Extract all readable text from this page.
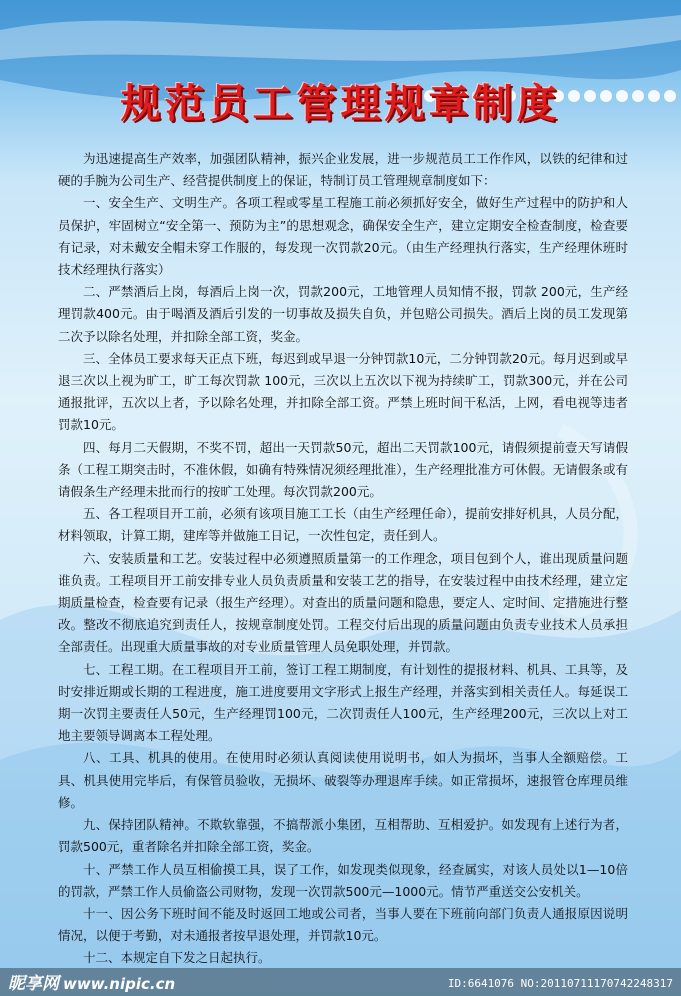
规范员工管理规章制度

为迅速提高生产效率，加强团队精神，振兴企业发展，进一步规范员工工作作风，以铁的纪律和过硬的手腕为公司生产、经营提供制度上的保证，特制订员工管理规章制度如下：

一、安全生产、文明生产。各项工程或零星工程施工前必须抓好安全，做好生产过程中的防护和人员保护，牢固树立“安全第一、预防为主”的思想观念，确保安全生产，建立定期安全检查制度，检查要有记录，对未戴安全帽未穿工作服的，每发现一次罚款20元。（由生产经理执行落实，生产经理休班时技术经理执行落实）

二、严禁酒后上岗，每酒后上岗一次，罚款200元，工地管理人员知情不报，罚款 200元，生产经理罚款400元。由于喝酒及酒后引发的一切事故及损失自负，并包赔公司损失。酒后上岗的员工发现第二次予以除名处理，并扣除全部工资，奖金。

三、全体员工要求每天正点下班，每迟到或早退一分钟罚款10元，二分钟罚款20元。每月迟到或早退三次以上视为旷工，旷工每次罚款 100元，三次以上五次以下视为持续旷工，罚款300元，并在公司通报批评，五次以上者，予以除名处理，并扣除全部工资。严禁上班时间干私活，上网，看电视等违者罚款10元。

四、每月二天假期，不奖不罚，超出一天罚款50元，超出二天罚款100元，请假须提前壹天写请假条（工程工期突击时，不准休假，如确有特殊情况须经理批准），生产经理批准方可休假。无请假条或有请假条生产经理未批而行的按旷工处理。每次罚款200元。

五、各工程项目开工前，必须有该项目施工工长（由生产经理任命），提前安排好机具，人员分配，材料领取，计算工期，建库等并做施工日记，一次性包定，责任到人。

六、安装质量和工艺。安装过程中必须遵照质量第一的工作理念，项目包到个人，谁出现质量问题谁负责。工程项目开工前安排专业人员负责质量和安装工艺的指导，在安装过程中由技术经理，建立定期质量检查，检查要有记录（报生产经理）。对查出的质量问题和隐患，要定人、定时间、定措施进行整改。整改不彻底追究到责任人，按规章制度处罚。工程交付后出现的质量问题由负责专业技术人员承担全部责任。出现重大质量事故的对专业质量管理人员免职处理，并罚款。

七、工程工期。在工程项目开工前，签订工程工期制度，有计划性的提报材料、机具、工具等，及时安排近期或长期的工程进度，施工进度要用文字形式上报生产经理，并落实到相关责任人。每延误工期一次罚主要责任人50元，生产经理罚100元，二次罚责任人100元，生产经理200元，三次以上对工地主要领导调离本工程处理。

八、工具、机具的使用。在使用时必须认真阅读使用说明书，如人为损坏，当事人全额赔偿。工具、机具使用完毕后，有保管员验收，无损坏、破裂等办理退库手续。如正常损坏，速报管仓库理员维修。

九、保持团队精神。不欺软靠强，不搞帮派小集团，互相帮助、互相爱护。如发现有上述行为者，罚款500元，重者除名并扣除全部工资，奖金。

十、严禁工作人员互相偷摸工具，误了工作，如发现类似现象，经查属实，对该人员处以1—10倍的罚款，严禁工作人员偷盗公司财物，发现一次罚款500元—1000元。情节严重送交公安机关。

十一、因公务下班时间不能及时返回工地或公司者，当事人要在下班前向部门负责人通报原因说明情况，以便于考勤，对未通报者按早退处理，并罚款10元。

十二、本规定自下发之日起执行。

昵享网 www.nipic.cn	ID:6641076 NO:20110711170742248317
